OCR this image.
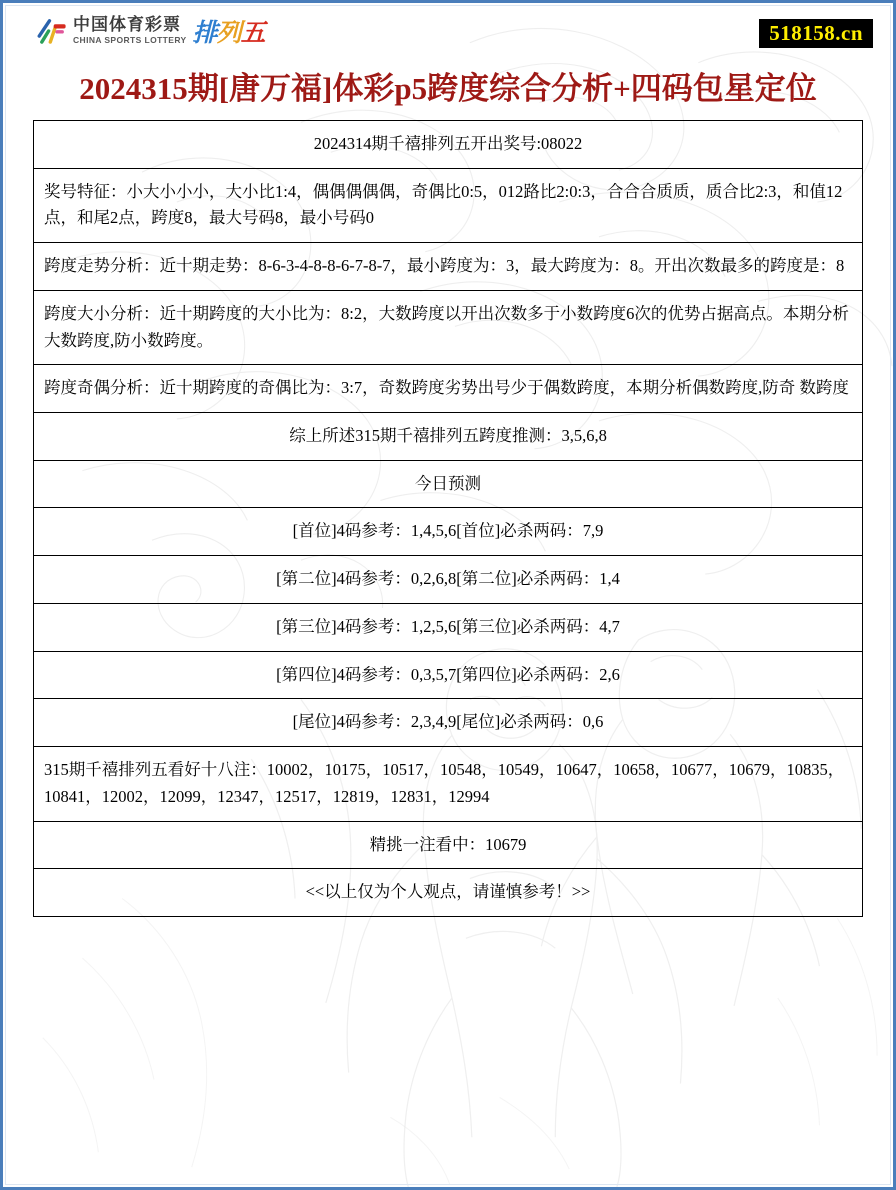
中国体育彩票
CHINA SPORTS LOTTERY 排列五	518158.cn
2024315期[唐万福]体彩p5跨度综合分析+四码包星定位
2024314期千禧排列五开出奖号:08022
奖号特征：小大小小小，大小比1:4，偶偶偶偶偶，奇偶比0:5，012路比2:0:3，合合合质质，质合比2:3，和值12点，和尾2点，跨度8，最大号码8，最小号码0
跨度走势分析：近十期走势：8-6-3-4-8-8-6-7-8-7，最小跨度为：3，最大跨度为：8。开出次数最多的跨度是：8
跨度大小分析：近十期跨度的大小比为：8:2，大数跨度以开出次数多于小数跨度6次的优势占据高点。本期分析大数跨度,防小数跨度。
跨度奇偶分析：近十期跨度的奇偶比为：3:7，奇数跨度劣势出号少于偶数跨度，本期分析偶数跨度,防奇 数跨度
综上所述315期千禧排列五跨度推测：3,5,6,8
今日预测
[首位]4码参考：1,4,5,6[首位]必杀两码：7,9
[第二位]4码参考：0,2,6,8[第二位]必杀两码：1,4
[第三位]4码参考：1,2,5,6[第三位]必杀两码：4,7
[第四位]4码参考：0,3,5,7[第四位]必杀两码：2,6
[尾位]4码参考：2,3,4,9[尾位]必杀两码：0,6
315期千禧排列五看好十八注：10002，10175，10517，10548，10549，10647，10658，10677，10679，10835，10841，12002，12099，12347，12517，12819，12831，12994
精挑一注看中：10679
<<以上仅为个人观点，请谨慎参考！>>
